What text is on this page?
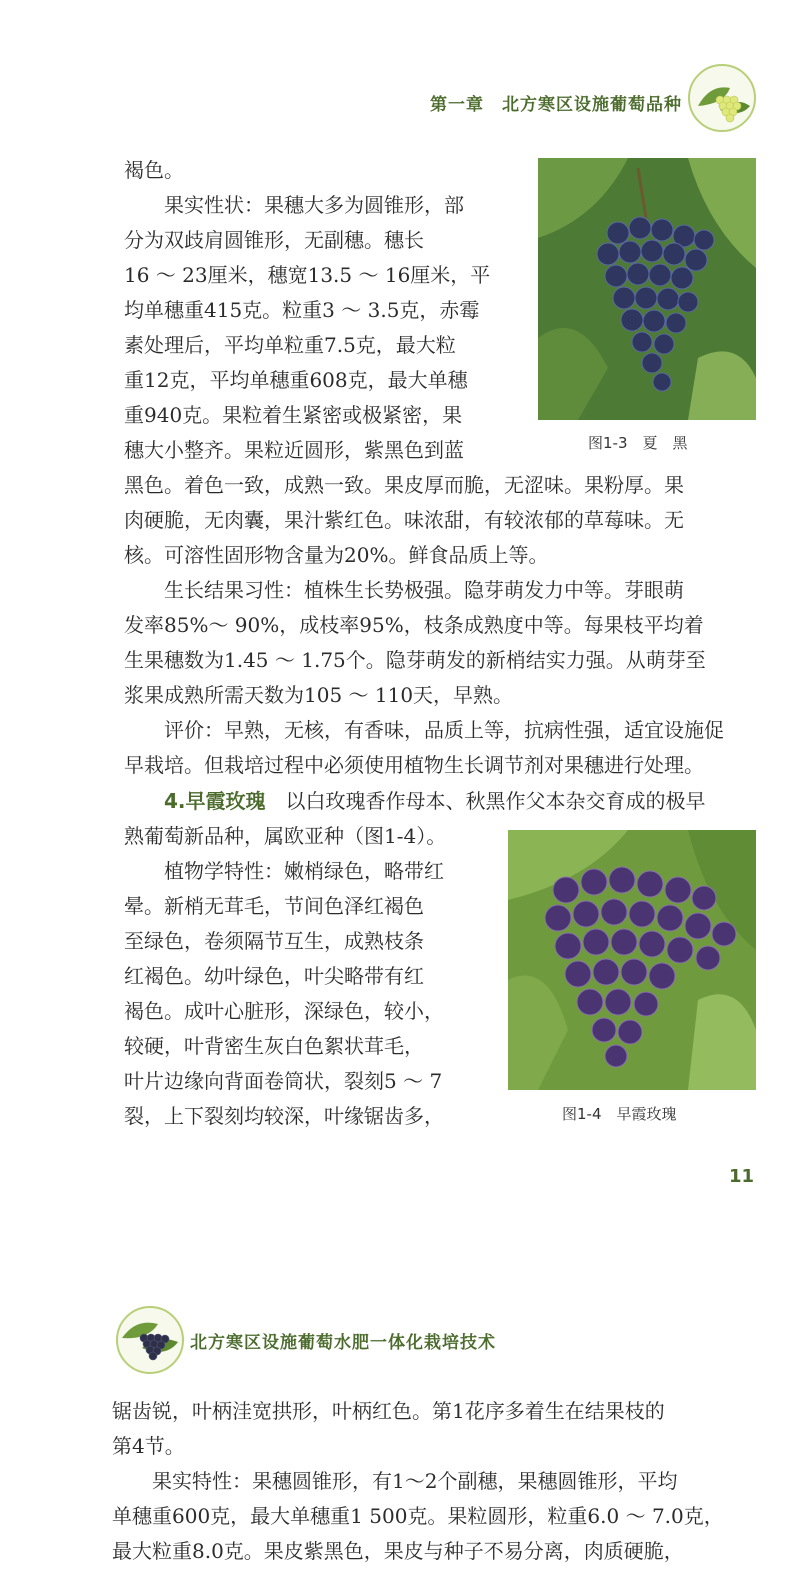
第一章　北方寒区设施葡萄品种

褐色。

果实性状：果穗大多为圆锥形，部

分为双歧肩圆锥形，无副穗。穗长

16 ～ 23厘米，穗宽13.5 ～ 16厘米，平

均单穗重415克。粒重3 ～ 3.5克，赤霉

素处理后，平均单粒重7.5克，最大粒

重12克，平均单穗重608克，最大单穗

重940克。果粒着生紧密或极紧密，果

穗大小整齐。果粒近圆形，紫黑色到蓝	图1-3　夏　黑

黑色。着色一致，成熟一致。果皮厚而脆，无涩味。果粉厚。果

肉硬脆，无肉囊，果汁紫红色。味浓甜，有较浓郁的草莓味。无

核。可溶性固形物含量为20%。鲜食品质上等。

生长结果习性：植株生长势极强。隐芽萌发力中等。芽眼萌

发率85%～ 90%，成枝率95%，枝条成熟度中等。每果枝平均着

生果穗数为1.45 ～ 1.75个。隐芽萌发的新梢结实力强。从萌芽至

浆果成熟所需天数为105 ～ 110天，早熟。

评价：早熟，无核，有香味，品质上等，抗病性强，适宜设施促

早栽培。但栽培过程中必须使用植物生长调节剂对果穗进行处理。

4.早霞玫瑰　以白玫瑰香作母本、秋黑作父本杂交育成的极早

熟葡萄新品种，属欧亚种（图1-4）。

植物学特性：嫩梢绿色，略带红

晕。新梢无茸毛，节间色泽红褐色

至绿色，卷须隔节互生，成熟枝条

红褐色。幼叶绿色，叶尖略带有红

褐色。成叶心脏形，深绿色，较小，

较硬，叶背密生灰白色絮状茸毛，

叶片边缘向背面卷筒状，裂刻5 ～ 7

裂，上下裂刻均较深，叶缘锯齿多，	图1-4　早霞玫瑰
11
北方寒区设施葡萄水肥一体化栽培技术

锯齿锐，叶柄洼宽拱形，叶柄红色。第1花序多着生在结果枝的

第4节。

果实特性：果穗圆锥形，有1～2个副穗，果穗圆锥形，平均

单穗重600克，最大单穗重1 500克。果粒圆形，粒重6.0 ～ 7.0克，

最大粒重8.0克。果皮紫黑色，果皮与种子不易分离，肉质硬脆，
